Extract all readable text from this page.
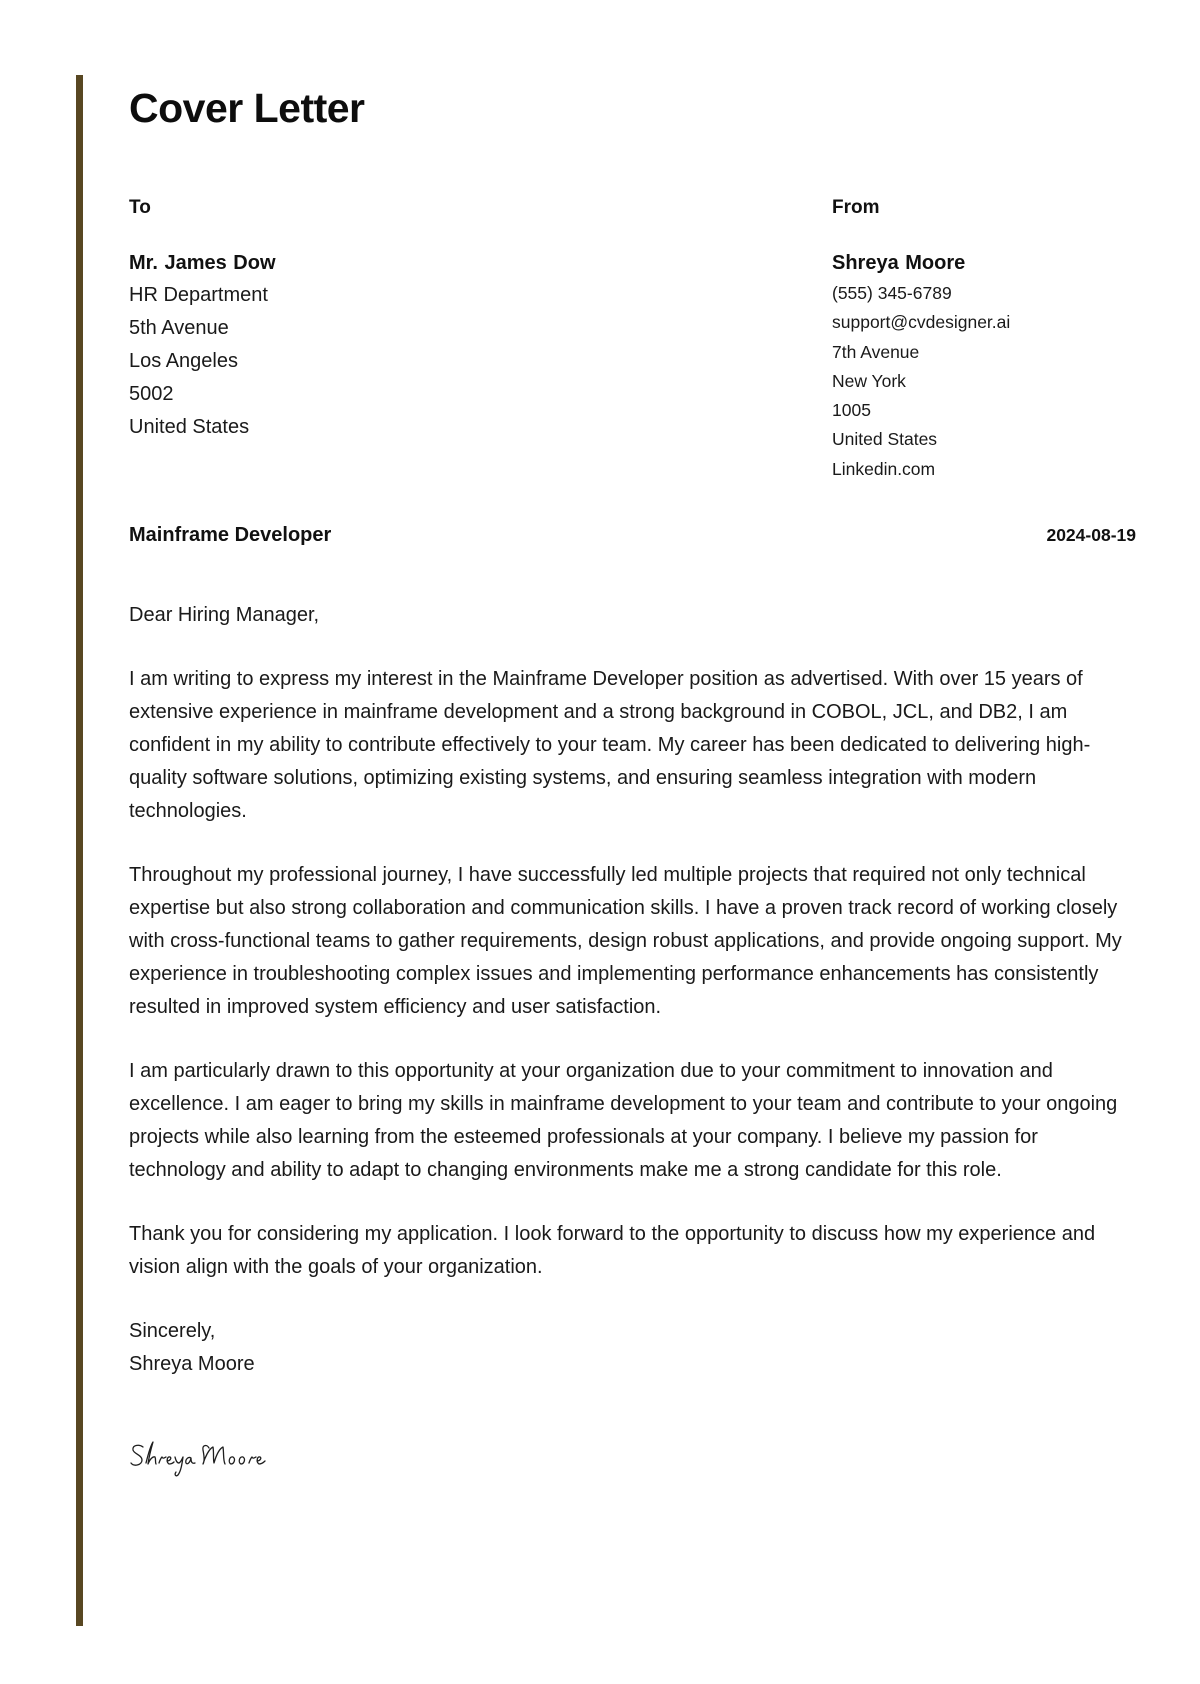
Cover Letter
To
Mr. James Dow
HR Department
5th Avenue
Los Angeles
5002
United States
From
Shreya Moore
(555) 345-6789
support@cvdesigner.ai
7th Avenue
New York
1005
United States
Linkedin.com
Mainframe Developer	2024-08-19

Dear Hiring Manager,

I am writing to express my interest in the Mainframe Developer position as advertised. With over 15 years of extensive experience in mainframe development and a strong background in COBOL, JCL, and DB2, I am confident in my ability to contribute effectively to your team. My career has been dedicated to delivering high-quality software solutions, optimizing existing systems, and ensuring seamless integration with modern technologies.

Throughout my professional journey, I have successfully led multiple projects that required not only technical expertise but also strong collaboration and communication skills. I have a proven track record of working closely with cross-functional teams to gather requirements, design robust applications, and provide ongoing support. My experience in troubleshooting complex issues and implementing performance enhancements has consistently resulted in improved system efficiency and user satisfaction.

I am particularly drawn to this opportunity at your organization due to your commitment to innovation and excellence. I am eager to bring my skills in mainframe development to your team and contribute to your ongoing projects while also learning from the esteemed professionals at your company. I believe my passion for technology and ability to adapt to changing environments make me a strong candidate for this role.

Thank you for considering my application. I look forward to the opportunity to discuss how my experience and vision align with the goals of your organization.

Sincerely,

Shreya Moore
